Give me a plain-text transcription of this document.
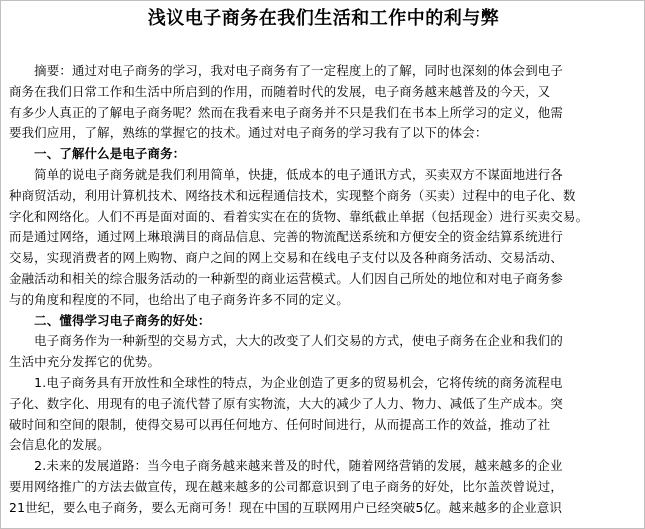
浅议电子商务在我们生活和工作中的利与弊
　　摘要：通过对电子商务的学习，我对电子商务有了一定程度上的了解，同时也深刻的体会到电子
商务在我们日常工作和生活中所启到的作用，而随着时代的发展，电子商务越来越普及的今天，又
有多少人真正的了解电子商务呢？然而在我看来电子商务并不只是我们在书本上所学习的定义，他需
要我们应用，了解，熟练的掌握它的技术。通过对电子商务的学习我有了以下的体会：
　　一、了解什么是电子商务：
　　简单的说电子商务就是我们利用简单，快捷，低成本的电子通讯方式，买卖双方不谋面地进行各
种商贸活动，利用计算机技术、网络技术和远程通信技术，实现整个商务（买卖）过程中的电子化、数
字化和网络化。人们不再是面对面的、看着实实在在的货物、靠纸截止单据（包括现金）进行买卖交易。
而是通过网络，通过网上琳琅满目的商品信息、完善的物流配送系统和方便安全的资金结算系统进行
交易，实现消费者的网上购物、商户之间的网上交易和在线电子支付以及各种商务活动、交易活动、
金融活动和相关的综合服务活动的一种新型的商业运营模式。人们因自己所处的地位和对电子商务参
与的角度和程度的不同，也给出了电子商务许多不同的定义。
　　二、懂得学习电子商务的好处：
　　电子商务作为一种新型的交易方式，大大的改变了人们交易的方式，使电子商务在企业和我们的
生活中充分发挥它的优势。
　　1.电子商务具有开放性和全球性的特点，为企业创造了更多的贸易机会，它将传统的商务流程电
子化、数字化、用现有的电子流代替了原有实物流，大大的减少了人力、物力、减低了生产成本。突
破时间和空间的限制，使得交易可以再任何地方、任何时间进行，从而提高工作的效益，推动了社
会信息化的发展。
　　2.未来的发展道路：当今电子商务越来越来普及的时代，随着网络营销的发展，越来越多的企业
要用网络推广的方法去做宣传，现在越来越多的公司都意识到了电子商务的好处，比尔盖茨曾说过，
21世纪，要么电子商务，要么无商可务！现在中国的互联网用户已经突破5亿。越来越多的企业意识
